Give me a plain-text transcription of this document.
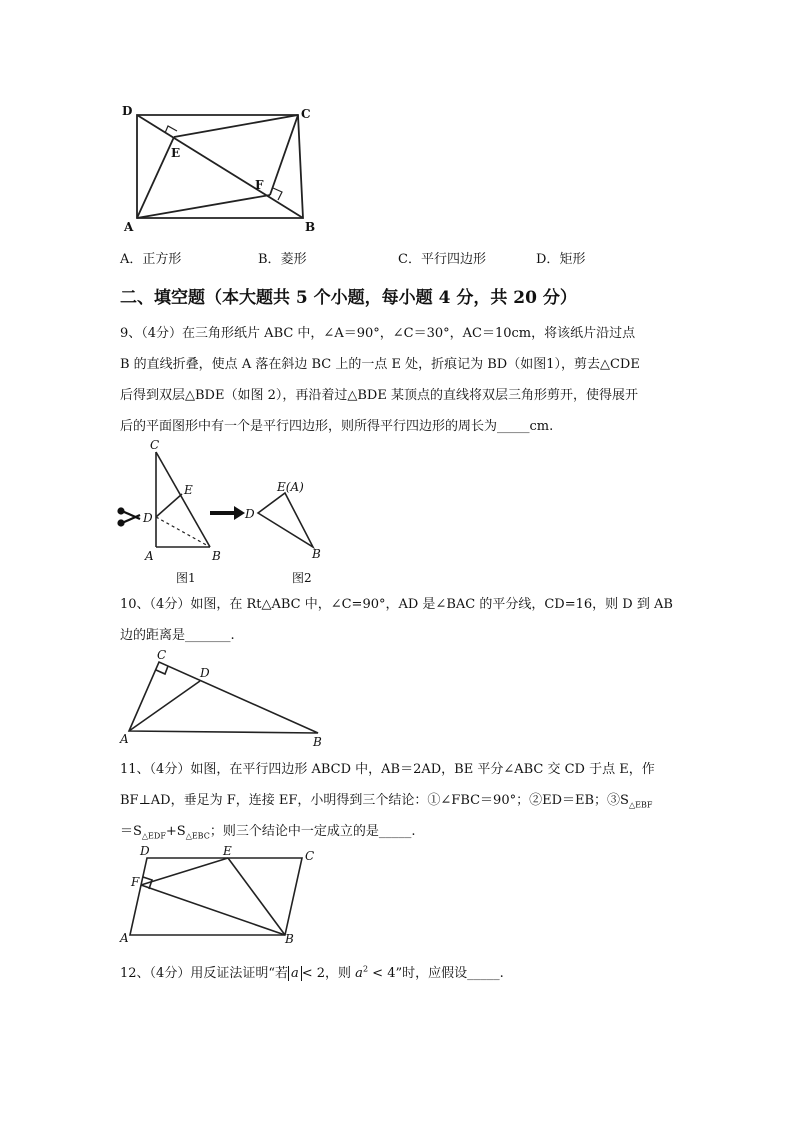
D	C
E
F
A	B
A．正方形	B．菱形	C．平行四边形	D．矩形
二、填空题（本大题共 5 个小题，每小题 4 分，共 20 分）
9、（4分）在三角形纸片 ABC 中，∠A＝90°，∠C＝30°，AC＝10cm，将该纸片沿过点
B 的直线折叠，使点 A 落在斜边 BC 上的一点 E 处，折痕记为 BD（如图1），剪去△CDE
后得到双层△BDE（如图 2），再沿着过△BDE 某顶点的直线将双层三角形剪开，使得展开
后的平面图形中有一个是平行四边形，则所得平行四边形的周长为_____cm.
C
E
D
A	B
图1
E(A)
D
B
图2
10、（4分）如图，在 Rt△ABC 中，∠C=90°，AD 是∠BAC 的平分线，CD=16，则 D 到 AB
边的距离是_______.
C
D
A	B
11、（4分）如图，在平行四边形 ABCD 中，AB＝2AD，BE 平分∠ABC 交 CD 于点 E，作
BF⊥AD，垂足为 F，连接 EF，小明得到三个结论：①∠FBC＝90°；②ED＝EB；$③S_{\triangle EBF}$
$=S_{\triangle EDF}+S_{\triangle EBC}$；则三个结论中一定成立的是_____.
D	E	C
F
A	B
12、（4分）用反证法证明“若 a < 2，则 $a^2 < 4$”时，应假设_____.
